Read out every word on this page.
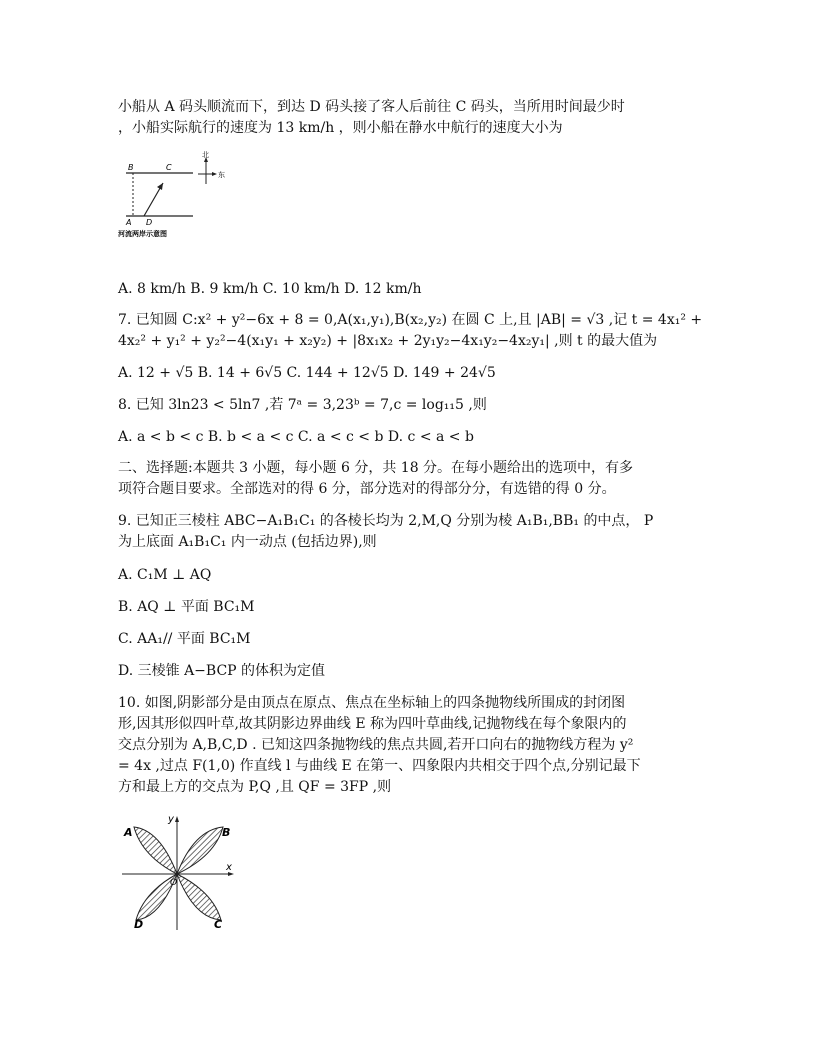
小船从 A 码头顺流而下，到达 D 码头接了客人后前往 C 码头，当所用时间最少时
，小船实际航行的速度为 13 km/h ，则小船在静水中航行的速度大小为
B	C
A D
北
东
河流两岸示意图
A. 8 km/h B. 9 km/h C. 10 km/h D. 12 km/h
7. 已知圆 C:x² + y²−6x + 8 = 0,A(x₁,y₁),B(x₂,y₂) 在圆 C 上,且 |AB| = √3 ,记 t = 4x₁² +
4x₂² + y₁² + y₂²−4(x₁y₁ + x₂y₂) + |8x₁x₂ + 2y₁y₂−4x₁y₂−4x₂y₁| ,则 t 的最大值为
A. 12 + √5 B. 14 + 6√5 C. 144 + 12√5 D. 149 + 24√5
8. 已知 3ln23 < 5ln7 ,若 7ᵃ = 3,23ᵇ = 7,c = log₁₁5 ,则
A. a < b < c B. b < a < c C. a < c < b D. c < a < b
二、选择题:本题共 3 小题，每小题 6 分，共 18 分。在每小题给出的选项中，有多
项符合题目要求。全部选对的得 6 分，部分选对的得部分分，有选错的得 0 分。
9. 已知正三棱柱 ABC−A₁B₁C₁ 的各棱长均为 2,M,Q 分别为棱 A₁B₁,BB₁ 的中点， P
为上底面 A₁B₁C₁ 内一动点 (包括边界),则
A. C₁M ⊥ AQ
B. AQ ⊥ 平面 BC₁M
C. AA₁// 平面 BC₁M
D. 三棱锥 A−BCP 的体积为定值
10. 如图,阴影部分是由顶点在原点、焦点在坐标轴上的四条抛物线所围成的封闭图
形,因其形似四叶草,故其阴影边界曲线 E 称为四叶草曲线,记抛物线在每个象限内的
交点分别为 A,B,C,D . 已知这四条抛物线的焦点共圆,若开口向右的抛物线方程为 y²
= 4x ,过点 F(1,0) 作直线 l 与曲线 E 在第一、四象限内共相交于四个点,分别记最下
方和最上方的交点为 P,Q ,且 QF = 3FP ,则
A	B
C
D
O
x
y
